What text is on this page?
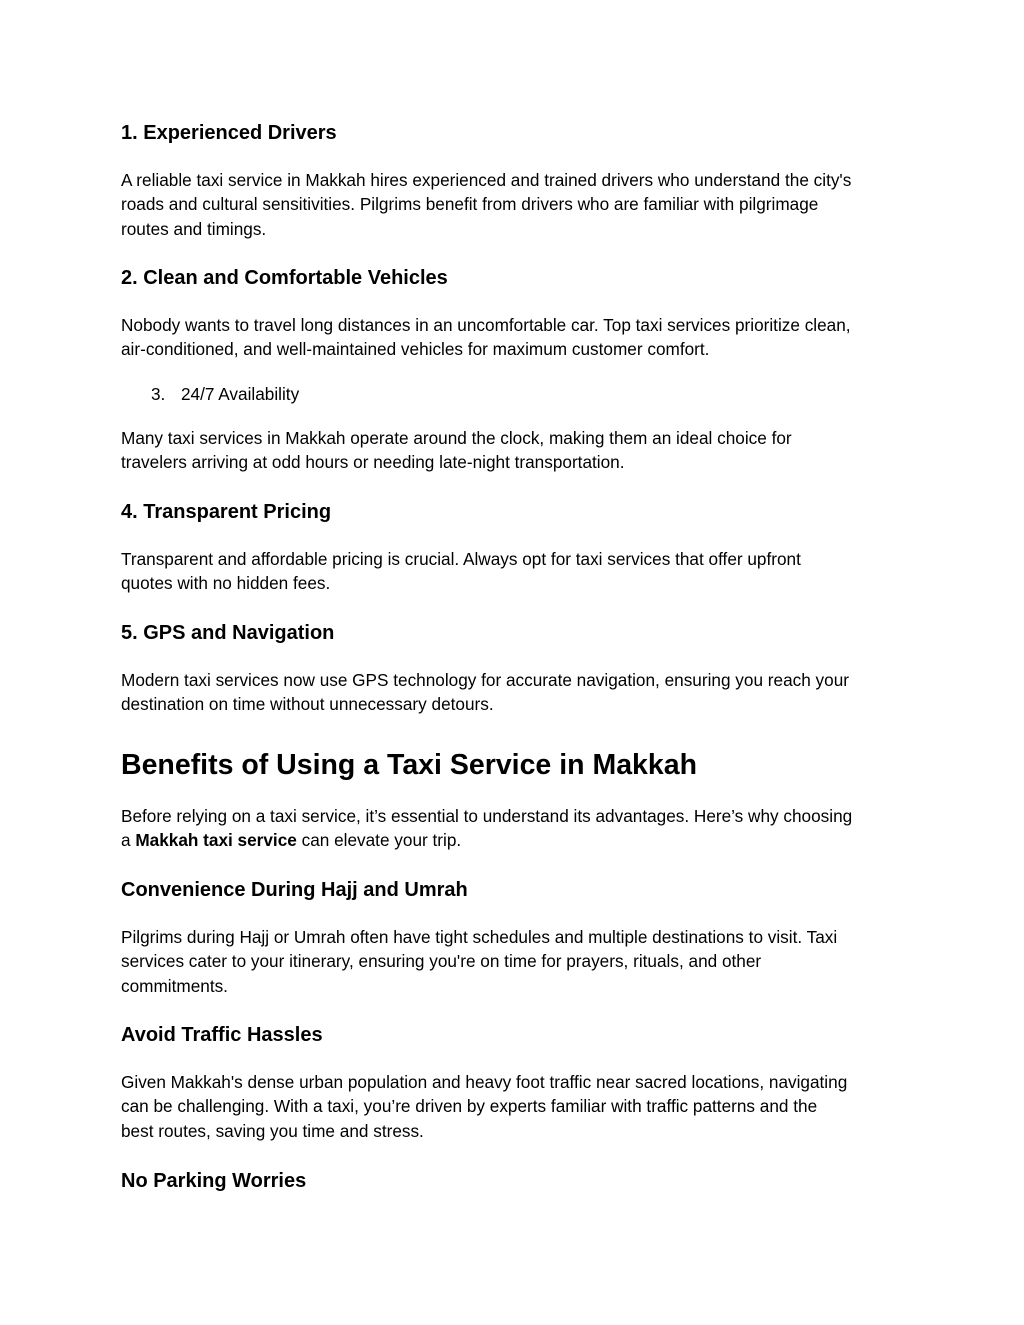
1. Experienced Drivers

A reliable taxi service in Makkah hires experienced and trained drivers who understand the city's
roads and cultural sensitivities. Pilgrims benefit from drivers who are familiar with pilgrimage
routes and timings.

2. Clean and Comfortable Vehicles

Nobody wants to travel long distances in an uncomfortable car. Top taxi services prioritize clean,
air-conditioned, and well-maintained vehicles for maximum customer comfort.

3. 24/7 Availability

Many taxi services in Makkah operate around the clock, making them an ideal choice for
travelers arriving at odd hours or needing late-night transportation.

4. Transparent Pricing

Transparent and affordable pricing is crucial. Always opt for taxi services that offer upfront
quotes with no hidden fees.

5. GPS and Navigation

Modern taxi services now use GPS technology for accurate navigation, ensuring you reach your
destination on time without unnecessary detours.

Benefits of Using a Taxi Service in Makkah

Before relying on a taxi service, it’s essential to understand its advantages. Here’s why choosing
a Makkah taxi service can elevate your trip.

Convenience During Hajj and Umrah

Pilgrims during Hajj or Umrah often have tight schedules and multiple destinations to visit. Taxi
services cater to your itinerary, ensuring you're on time for prayers, rituals, and other
commitments.

Avoid Traffic Hassles

Given Makkah's dense urban population and heavy foot traffic near sacred locations, navigating
can be challenging. With a taxi, you’re driven by experts familiar with traffic patterns and the
best routes, saving you time and stress.

No Parking Worries
